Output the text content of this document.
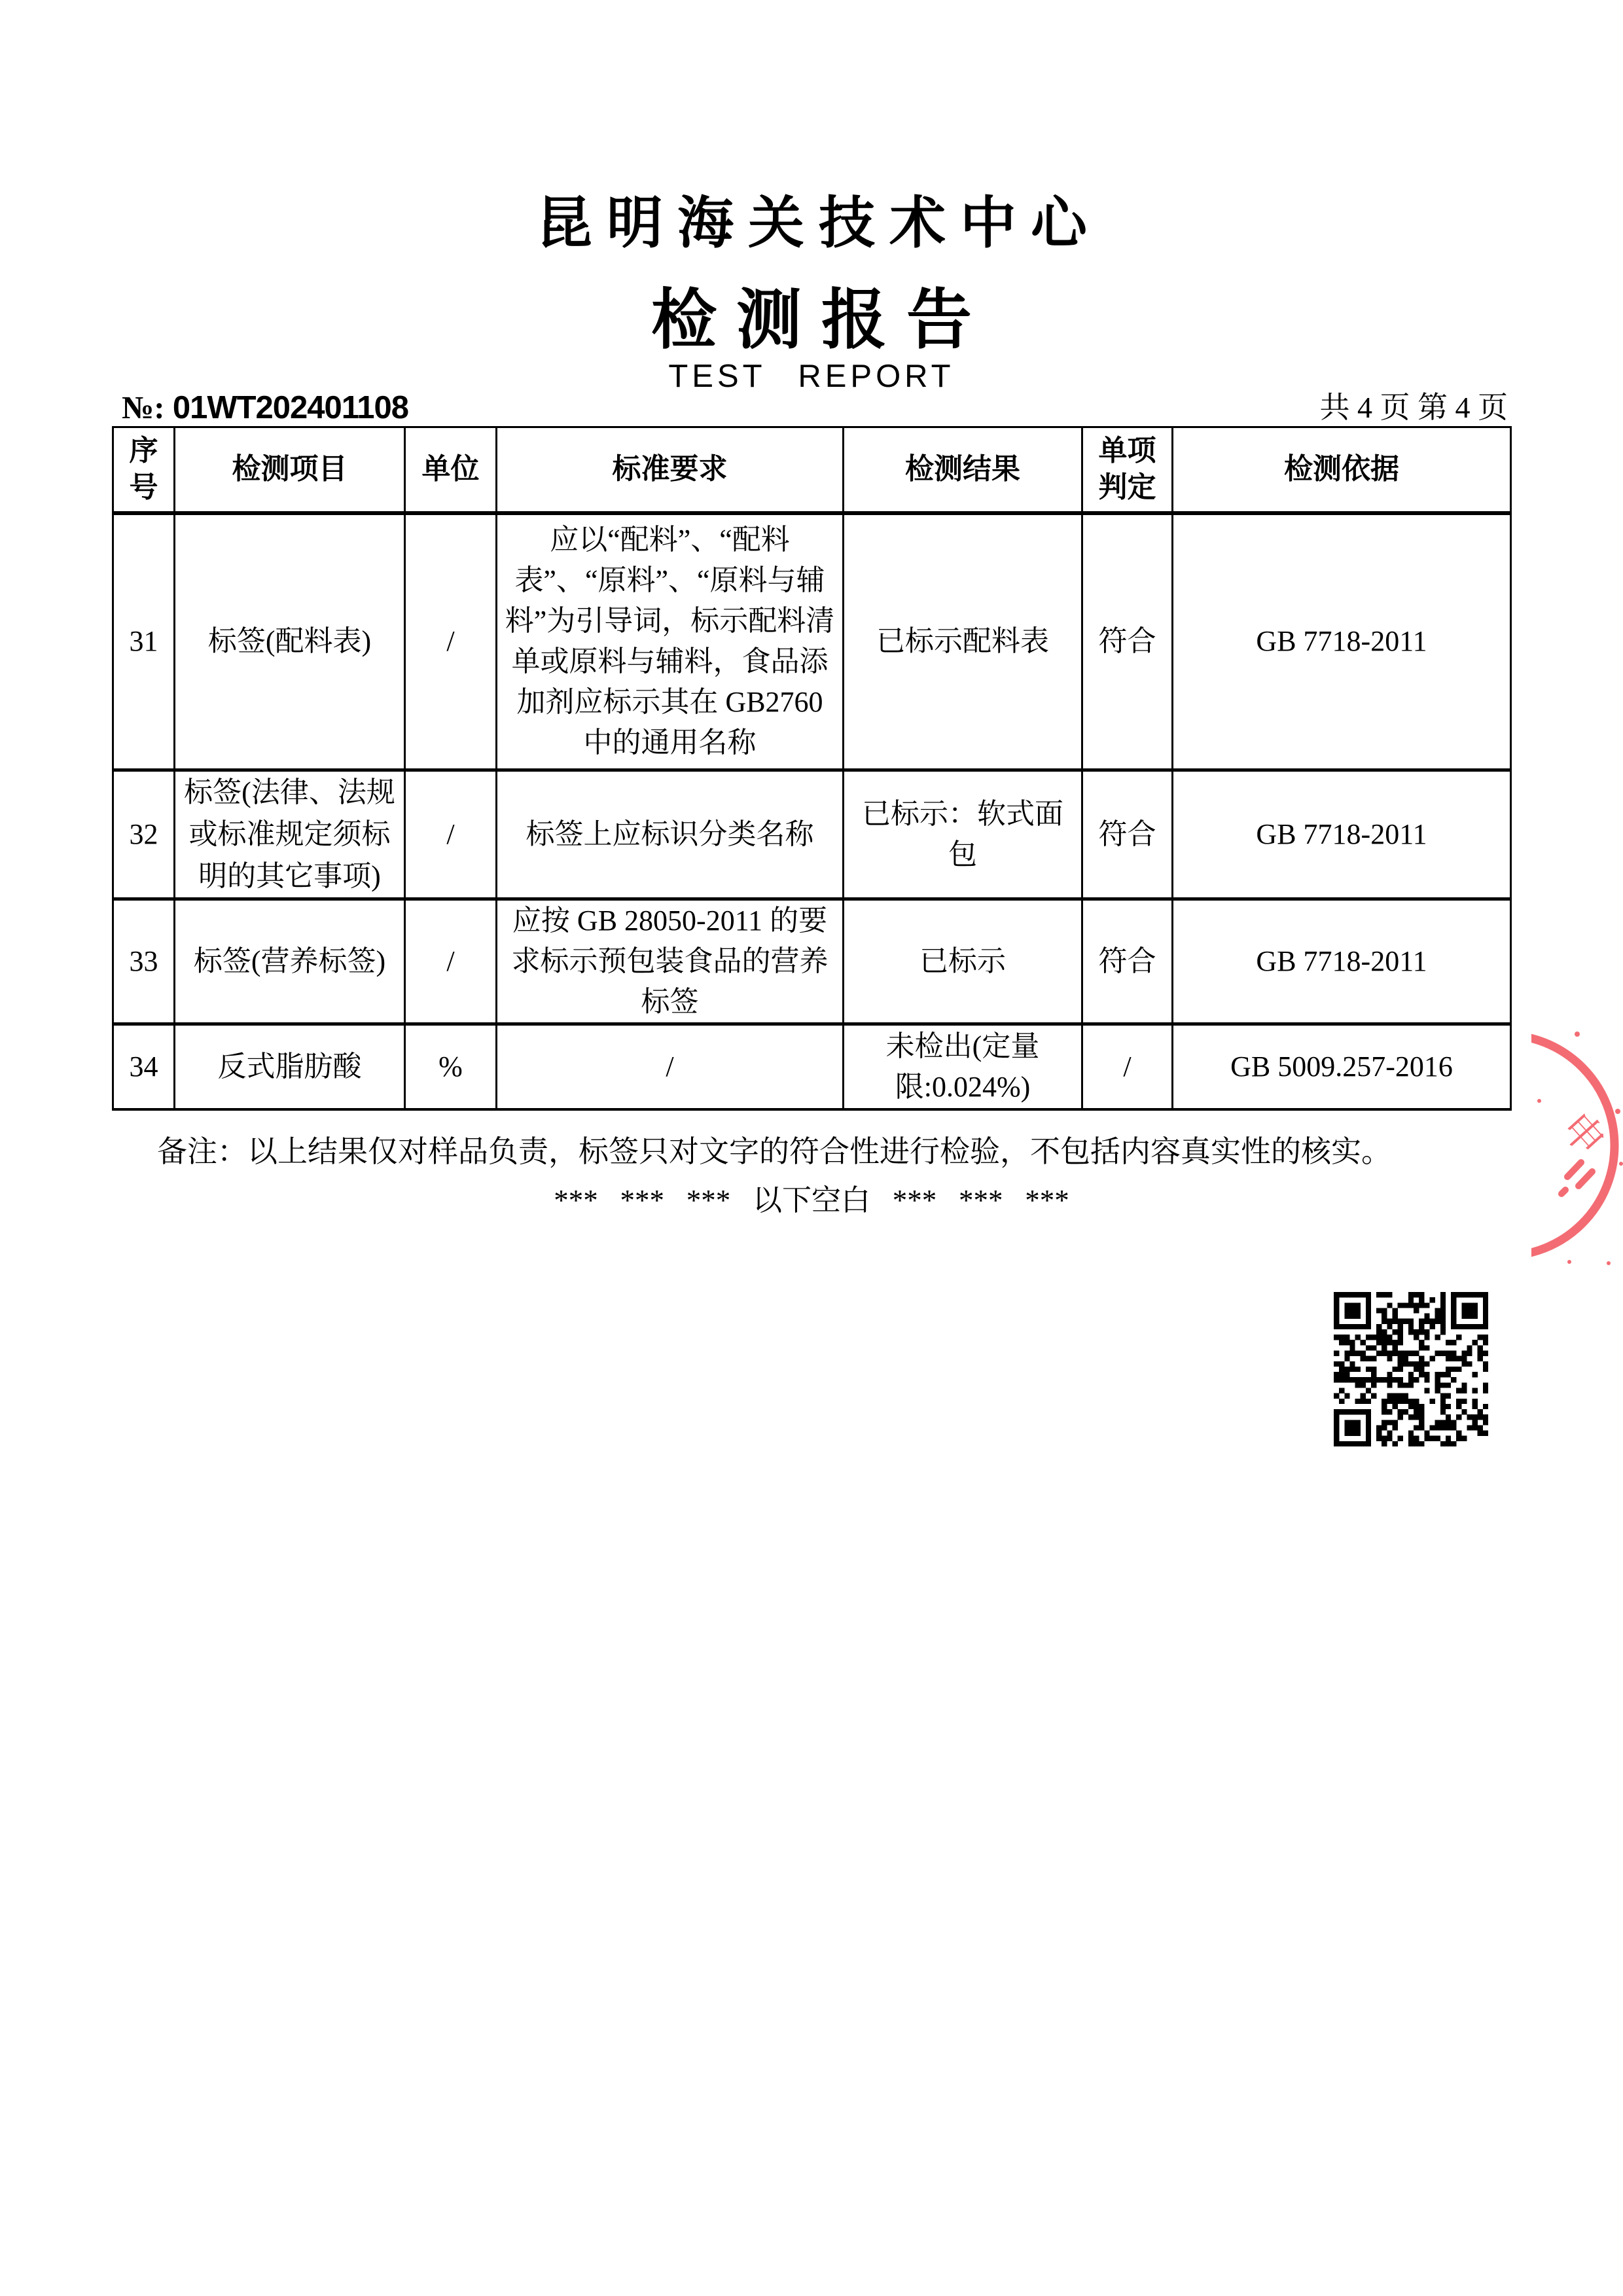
昆明海关技术中心
检测报告
TEST REPORT
№: 01WT202401108	共 4 页 第 4 页
序号	检测项目	单位	标准要求	检测结果	单项判定	检测依据
31	标签(配料表)	/	应以“配料”、“配料表”、“原料”、“原料与辅料”为引导词，标示配料清单或原料与辅料，食品添加剂应标示其在 GB2760 中的通用名称	已标示配料表	符合	GB 7718-2011
32	标签(法律、法规或标准规定须标明的其它事项)	/	标签上应标识分类名称	已标示：软式面包	符合	GB 7718-2011
33	标签(营养标签)	/	应按 GB 28050-2011 的要求标示预包装食品的营养标签	已标示	符合	GB 7718-2011
34	反式脂肪酸	%	/	未检出(定量限:0.024%)	/	GB 5009.257-2016
备注：以上结果仅对样品负责，标签只对文字的符合性进行检验，不包括内容真实性的核实。
***   ***   ***   以下空白   ***   ***   ***
申
